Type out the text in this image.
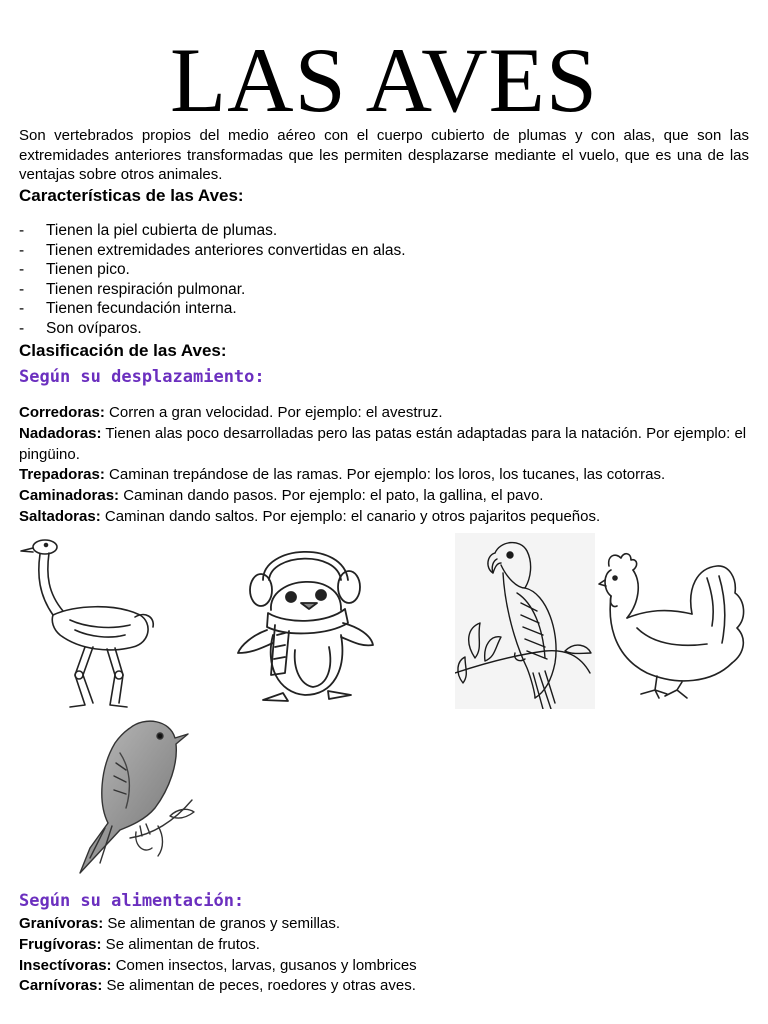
LAS AVES
Son vertebrados propios del medio aéreo con el cuerpo cubierto de plumas y con alas, que son las extremidades anteriores transformadas que les permiten desplazarse mediante el vuelo, que es una de las ventajas sobre otros animales.
Características de las Aves:
- Tienen la piel cubierta de plumas.
- Tienen extremidades anteriores convertidas en alas.
- Tienen pico.
- Tienen respiración pulmonar.
- Tienen fecundación interna.
- Son ovíparos.
Clasificación de las Aves:
Según su desplazamiento:

Corredoras: Corren a gran velocidad. Por ejemplo: el avestruz.

Nadadoras: Tienen alas poco desarrolladas pero las patas están adaptadas para la natación. Por ejemplo: el pingüino.

Trepadoras: Caminan trepándose de las ramas. Por ejemplo: los loros, los tucanes, las cotorras.

Caminadoras: Caminan dando pasos. Por ejemplo: el pato, la gallina, el pavo.

Saltadoras: Caminan dando saltos. Por ejemplo: el canario y otros pajaritos pequeños.

Según su alimentación:

Granívoras: Se alimentan de granos y semillas.

Frugívoras: Se alimentan de frutos.

Insectívoras: Comen insectos, larvas, gusanos y lombrices

Carnívoras: Se alimentan de peces, roedores y otras aves.
